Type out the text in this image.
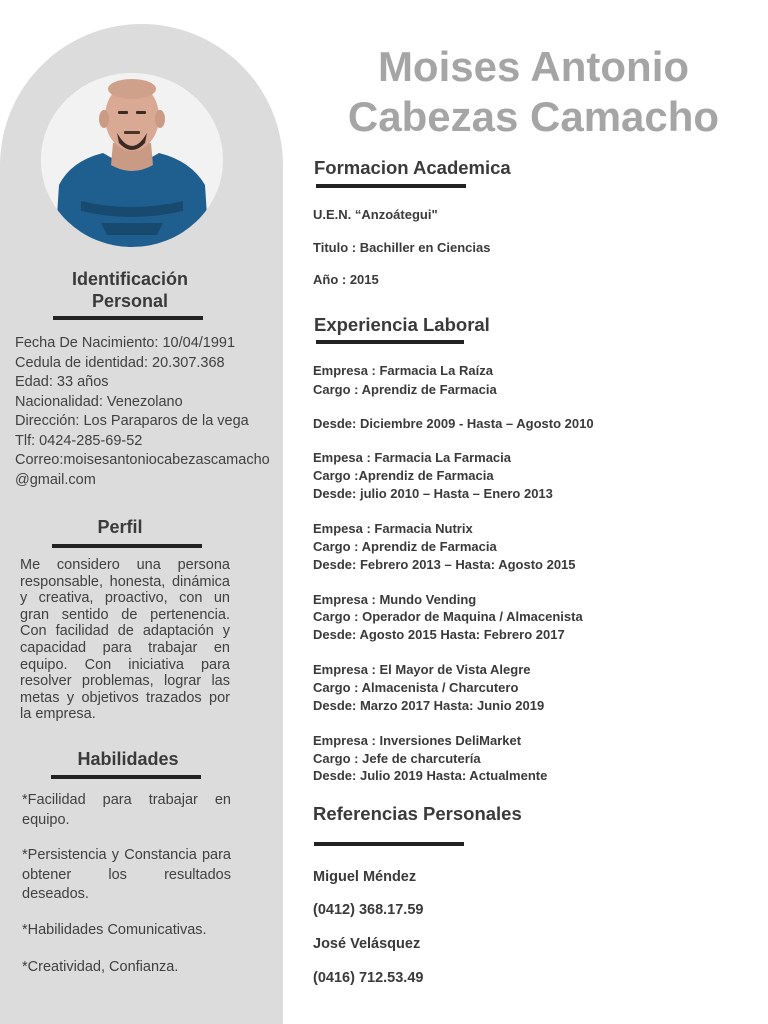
Identificación
Personal
Fecha De Nacimiento: 10/04/1991
Cedula de identidad: 20.307.368
Edad: 33 años
Nacionalidad: Venezolano
Dirección: Los Paraparos de la vega
Tlf: 0424-285-69-52
Correo:moisesantoniocabezascamacho@gmail.com
Perfil
Me considero una persona responsable, honesta, dinámica y creativa, proactivo, con un gran sentido de pertenencia. Con facilidad de adaptación y capacidad para trabajar en equipo. Con iniciativa para resolver problemas, lograr las metas y objetivos trazados por la empresa.
Habilidades
*Facilidad para trabajar en equipo.
*Persistencia y Constancia para obtener los resultados deseados.
*Habilidades Comunicativas.
*Creatividad, Confianza.
Moises Antonio
Cabezas Camacho
Formacion Academica
U.E.N. “Anzoátegui"
Titulo : Bachiller en Ciencias
Año : 2015
Experiencia Laboral
Empresa : Farmacia La Raíza
Cargo : Aprendiz de Farmacia
Desde: Diciembre 2009 - Hasta – Agosto 2010
Empesa : Farmacia La Farmacia
Cargo :Aprendiz de Farmacia
Desde: julio 2010 – Hasta – Enero 2013
Empesa : Farmacia Nutrix
Cargo : Aprendiz de Farmacia
Desde: Febrero 2013 – Hasta: Agosto 2015
Empresa : Mundo Vending
Cargo : Operador de Maquina / Almacenista
Desde: Agosto 2015 Hasta: Febrero 2017
Empresa : El Mayor de Vista Alegre
Cargo : Almacenista / Charcutero
Desde: Marzo 2017 Hasta: Junio 2019
Empresa : Inversiones DeliMarket
Cargo : Jefe de charcutería
Desde: Julio 2019 Hasta: Actualmente
Referencias Personales
Miguel Méndez
(0412) 368.17.59
José Velásquez
(0416) 712.53.49
